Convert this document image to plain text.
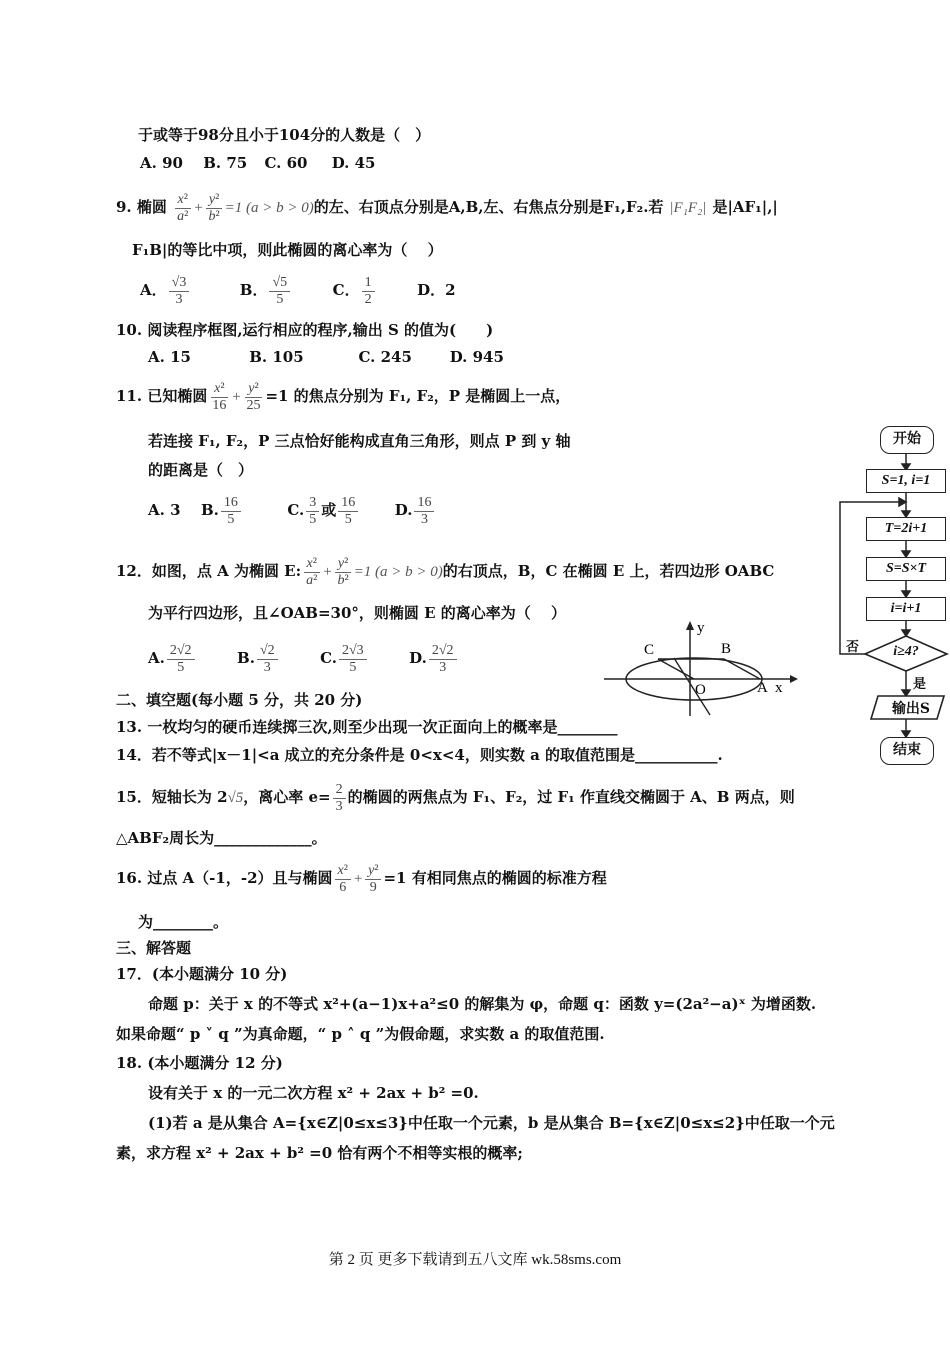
于或等于98分且小于104分的人数是（　）
A. 90 B. 75 C. 60 D. 45
9. 椭圆 $\frac{\text{x²}}{\text{a²}} + \frac{\text{y²}}{\text{b²}} =1$ (a > b > 0)的左、右顶点分别是A,B,左、右焦点分别是F₁,F₂.若 |F₁F₂| 是|AF₁|,|
F₁B|的等比中项，则此椭圆的离心率为（　 ）
A． $\frac{√3}{3}$	B． $\frac{√5}{5}$	C． $\frac{1}{2}$	D．2
10. 阅读程序框图,运行相应的程序,输出 S 的值为(　　)
A. 15	B. 105	C. 245	D. 945
11. 已知椭圆 $\frac{\text{x²}}{16} + \frac{\text{y²}}{25} =1$ 的焦点分别为 F₁, F₂，P 是椭圆上一点，
若连接 F₁, F₂，P 三点恰好能构成直角三角形，则点 P 到 y 轴
的距离是（　）
A. 3 B. $\frac{16}{5}$	C. $\frac{3}{5}$ 或 $\frac{16}{5} D$. $\frac{16}{3}$
12．如图，点 A 为椭圆 E: $\frac{\text{x²}}{\text{a²}} + \frac{\text{y²}}{\text{b²}} =1$ (a > b > 0)的右顶点，B，C 在椭圆 E 上，若四边形 OABC
为平行四边形，且∠OAB=30°，则椭圆 E 的离心率为（　 ）
A. $\frac{2√2}{5}$	B. $\frac{√2}{3}$	C. $\frac{2√3}{5}$	D. $\frac{2√2}{3}$
y
x
C	B
O	A
二、填空题(每小题 5 分，共 20 分)
13. 一枚均匀的硬币连续掷三次,则至少出现一次正面向上的概率是________
14．若不等式|x－1|<a 成立的充分条件是 0<x<4，则实数 a 的取值范围是___________.
15．短轴长为 2√5，离心率 $e= \frac{2}{3}$ 的椭圆的两焦点为 F₁、F₂，过 F₁ 作直线交椭圆于 A、B 两点，则
△ABF₂周长为_____________。
16. 过点 A（-1，-2）且与椭圆 $\frac{\text{x²}}{6} + \frac{\text{y²}}{9} =1$ 有相同焦点的椭圆的标准方程
为________。
三、解答题
17．(本小题满分 10 分)
命题 p：关于 x 的不等式 x²+(a−1)x+a²≤0 的解集为 φ，命题 q：函数 y=(2a²−a)ˣ 为增函数.
如果命题“ p ˅ q ”为真命题，“ p ˄ q ”为假命题，求实数 a 的取值范围.
18. (本小题满分 12 分)
设有关于 x 的一元二次方程 x² + 2ax + b² =0.
(1)若 a 是从集合 A={x∈Z|0≤x≤3}中任取一个元素，b 是从集合 B={x∈Z|0≤x≤2}中任取一个元
素，求方程 x² + 2ax + b² =0 恰有两个不相等实根的概率;
开始
S=1, i=1
T=2i+1
S=S×T
i=i+1
i≥4?
否
是
输出S
结束
第 2 页 更多下载请到五八文库 wk.58sms.com
